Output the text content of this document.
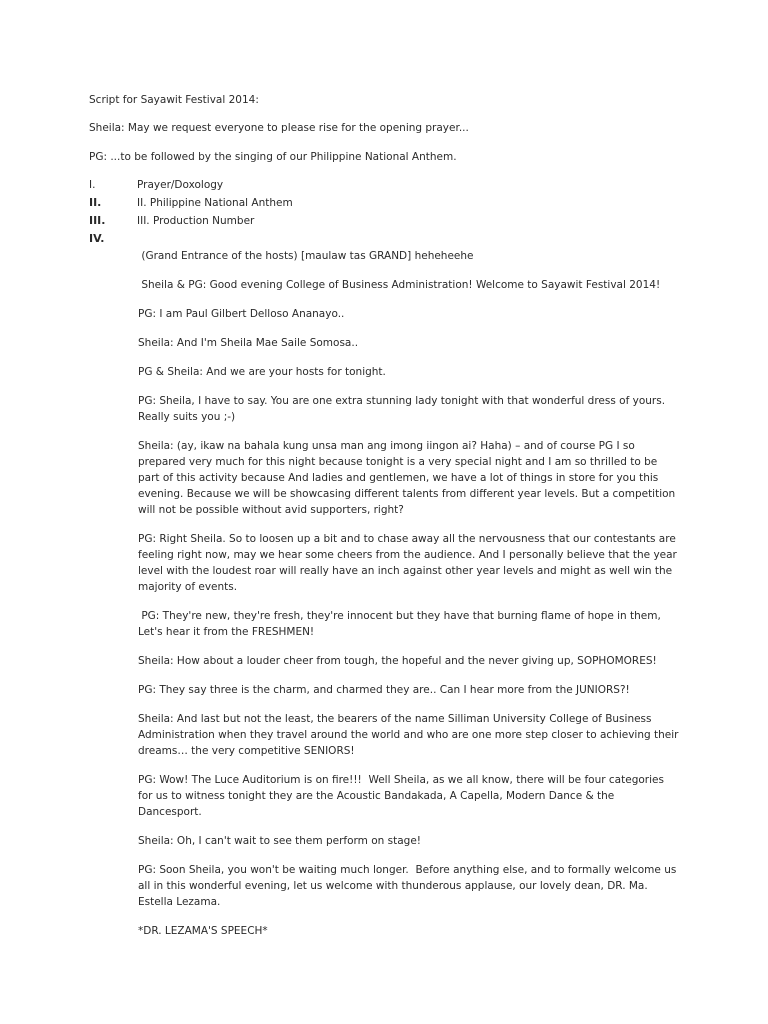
Script for Sayawit Festival 2014:

Sheila: May we request everyone to please rise for the opening prayer...

PG: ...to be followed by the singing of our Philippine National Anthem.

I.	Prayer/Doxology
II.	II. Philippine National Anthem
III.	III. Production Number
IV.

(Grand Entrance of the hosts) [maulaw tas GRAND] heheheehe

Sheila & PG: Good evening College of Business Administration! Welcome to Sayawit Festival 2014!

PG: I am Paul Gilbert Delloso Ananayo..

Sheila: And I'm Sheila Mae Saile Somosa..

PG & Sheila: And we are your hosts for tonight.

PG: Sheila, I have to say. You are one extra stunning lady tonight with that wonderful dress of yours. Really suits you ;-)

Sheila: (ay, ikaw na bahala kung unsa man ang imong iingon ai? Haha) – and of course PG I so prepared very much for this night because tonight is a very special night and I am so thrilled to be part of this activity because And ladies and gentlemen, we have a lot of things in store for you this evening. Because we will be showcasing different talents from different year levels. But a competition will not be possible without avid supporters, right?

PG: Right Sheila. So to loosen up a bit and to chase away all the nervousness that our contestants are feeling right now, may we hear some cheers from the audience. And I personally believe that the year level with the loudest roar will really have an inch against other year levels and might as well win the majority of events.

PG: They're new, they're fresh, they're innocent but they have that burning flame of hope in them, Let's hear it from the FRESHMEN!

Sheila: How about a louder cheer from tough, the hopeful and the never giving up, SOPHOMORES!

PG: They say three is the charm, and charmed they are.. Can I hear more from the JUNIORS?!

Sheila: And last but not the least, the bearers of the name Silliman University College of Business Administration when they travel around the world and who are one more step closer to achieving their dreams… the very competitive SENIORS!

PG: Wow! The Luce Auditorium is on fire!!!  Well Sheila, as we all know, there will be four categories for us to witness tonight they are the Acoustic Bandakada, A Capella, Modern Dance & the Dancesport.

Sheila: Oh, I can't wait to see them perform on stage!

PG: Soon Sheila, you won't be waiting much longer.  Before anything else, and to formally welcome us all in this wonderful evening, let us welcome with thunderous applause, our lovely dean, DR. Ma. Estella Lezama.

*DR. LEZAMA'S SPEECH*
